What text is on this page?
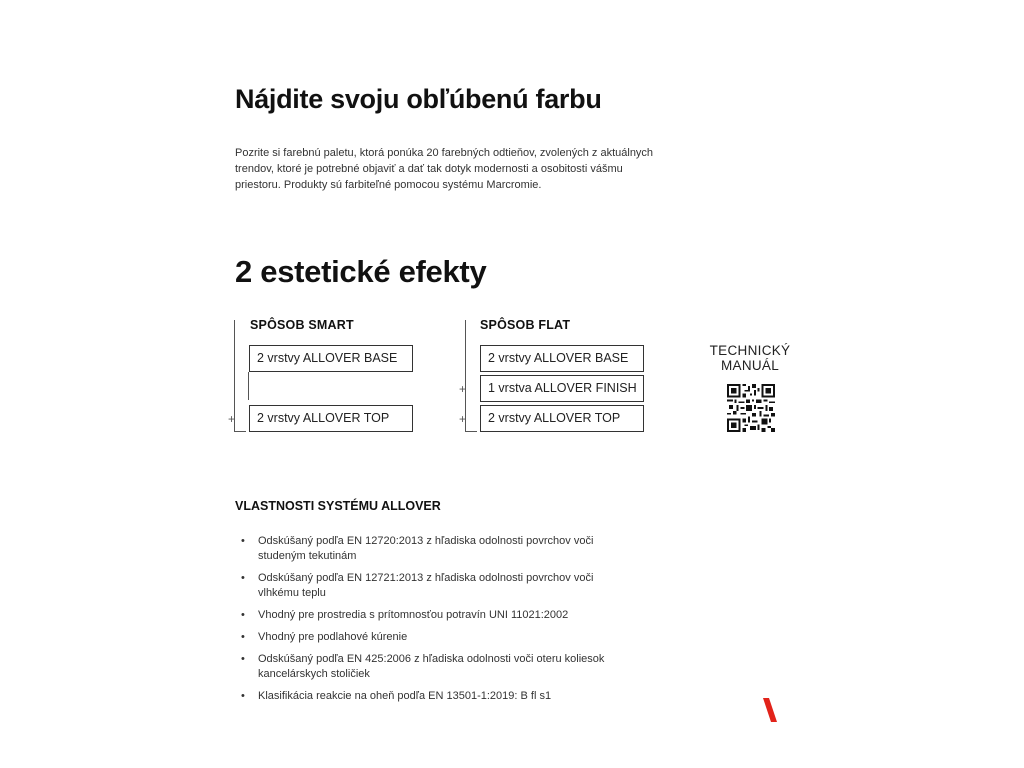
Nájdite svoju obľúbenú farbu

Pozrite si farebnú paletu, ktorá ponúka 20 farebných odtieňov, zvolených z aktuálnych trendov, ktoré je potrebné objaviť a dať tak dotyk modernosti a osobitosti vášmu priestoru. Produkty sú farbiteľné pomocou systému Marcromie.

2 estetické efekty
SPÔSOB SMART
2 vrstvy ALLOVER BASE
+	2 vrstvy ALLOVER TOP
SPÔSOB FLAT
2 vrstvy ALLOVER BASE
+	1 vrstva ALLOVER FINISH
+	2 vrstvy ALLOVER TOP
TECHNICKÝ
MANUÁL
VLASTNOSTI SYSTÉMU ALLOVER
• Odskúšaný podľa EN 12720:2013 z hľadiska odolnosti povrchov voči studeným tekutinám
• Odskúšaný podľa EN 12721:2013 z hľadiska odolnosti povrchov voči vlhkému teplu
• Vhodný pre prostredia s prítomnosťou potravín UNI 11021:2002
• Vhodný pre podlahové kúrenie
• Odskúšaný podľa EN 425:2006 z hľadiska odolnosti voči oteru koliesok kancelárskych stoličiek
• Klasifikácia reakcie na oheň podľa EN 13501-1:2019: B fl s1
